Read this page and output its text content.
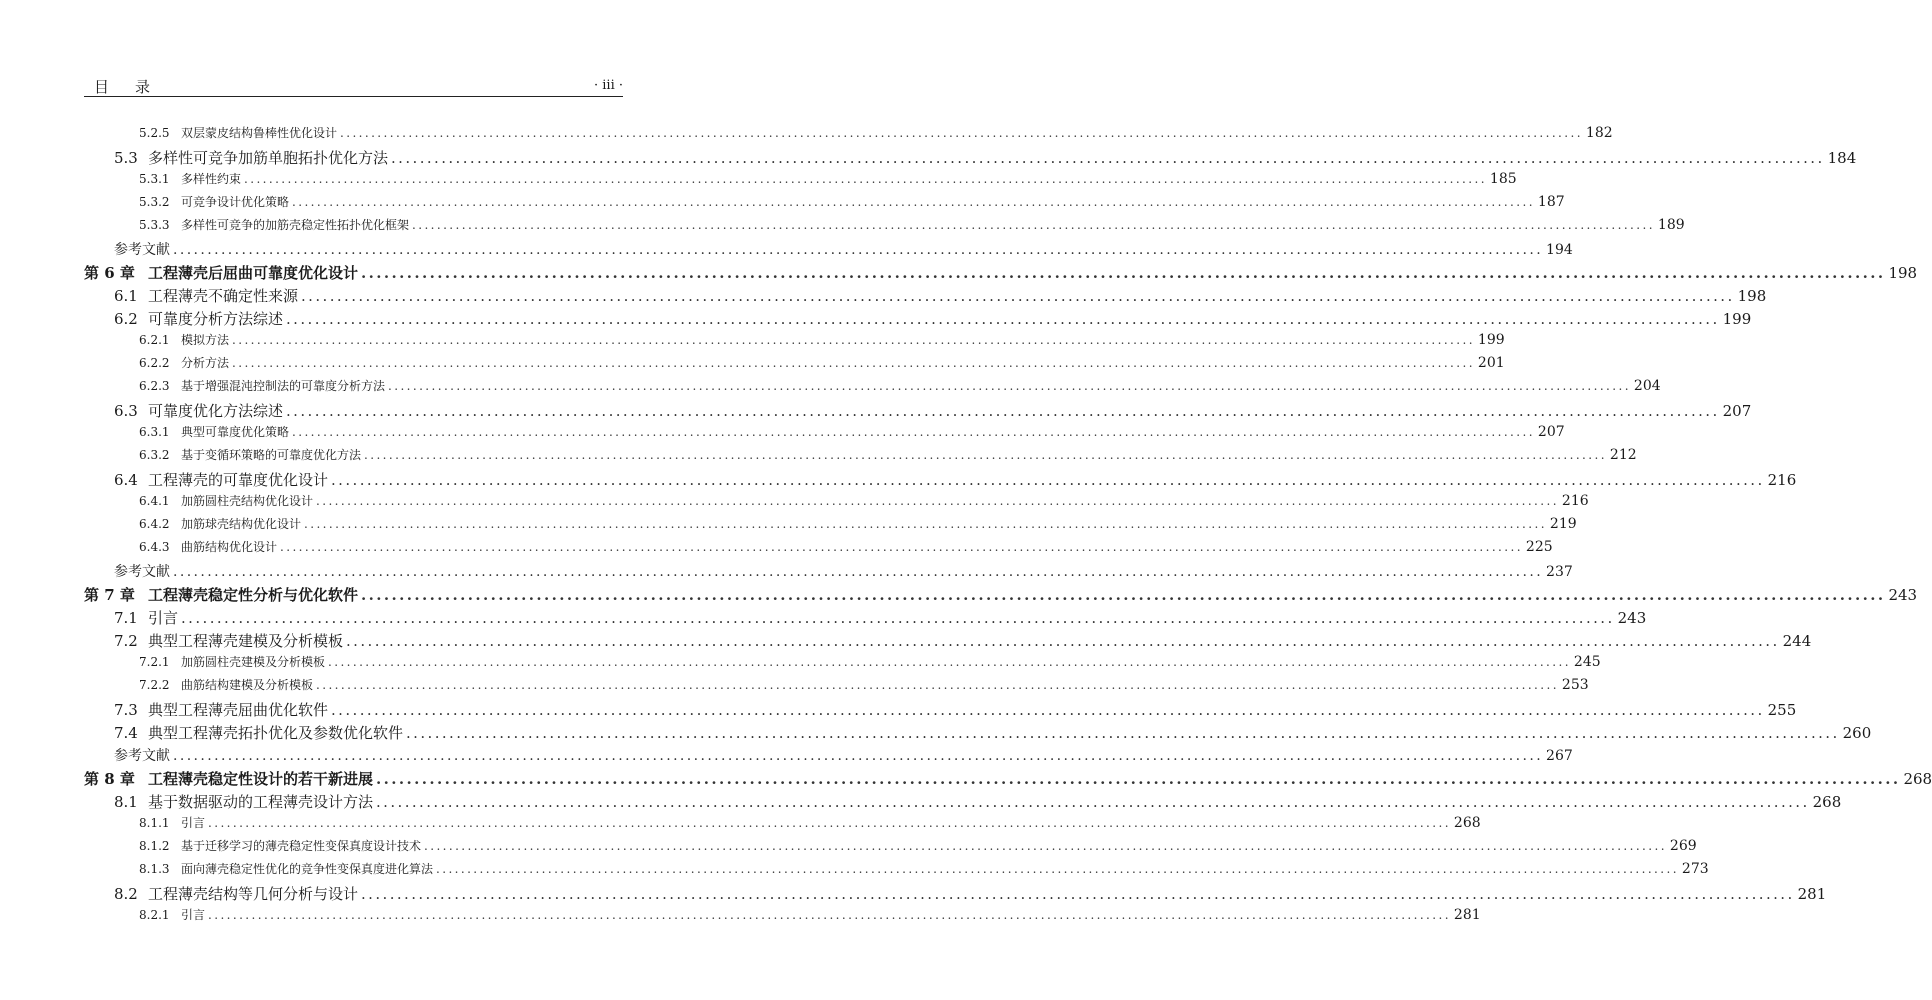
目录	· iii ·
5.2.5 双层蒙皮结构鲁棒性优化设计 ........................................................................................................................................................................................................ 182
5.3 多样性可竞争加筋单胞拓扑优化方法 ........................................................................................................................................................................................................ 184
5.3.1 多样性约束 ........................................................................................................................................................................................................ 185
5.3.2 可竞争设计优化策略 ........................................................................................................................................................................................................ 187
5.3.3 多样性可竞争的加筋壳稳定性拓扑优化框架 ........................................................................................................................................................................................................ 189
参考文献 ........................................................................................................................................................................................................ 194
第 6 章 工程薄壳后屈曲可靠度优化设计 ........................................................................................................................................................................................................ 198
6.1 工程薄壳不确定性来源 ........................................................................................................................................................................................................ 198
6.2 可靠度分析方法综述 ........................................................................................................................................................................................................ 199
6.2.1 模拟方法 ........................................................................................................................................................................................................ 199
6.2.2 分析方法 ........................................................................................................................................................................................................ 201
6.2.3 基于增强混沌控制法的可靠度分析方法 ........................................................................................................................................................................................................ 204
6.3 可靠度优化方法综述 ........................................................................................................................................................................................................ 207
6.3.1 典型可靠度优化策略 ........................................................................................................................................................................................................ 207
6.3.2 基于变循环策略的可靠度优化方法 ........................................................................................................................................................................................................ 212
6.4 工程薄壳的可靠度优化设计 ........................................................................................................................................................................................................ 216
6.4.1 加筋圆柱壳结构优化设计 ........................................................................................................................................................................................................ 216
6.4.2 加筋球壳结构优化设计 ........................................................................................................................................................................................................ 219
6.4.3 曲筋结构优化设计 ........................................................................................................................................................................................................ 225
参考文献 ........................................................................................................................................................................................................ 237
第 7 章 工程薄壳稳定性分析与优化软件 ........................................................................................................................................................................................................ 243
7.1 引言 ........................................................................................................................................................................................................ 243
7.2 典型工程薄壳建模及分析模板 ........................................................................................................................................................................................................ 244
7.2.1 加筋圆柱壳建模及分析模板 ........................................................................................................................................................................................................ 245
7.2.2 曲筋结构建模及分析模板 ........................................................................................................................................................................................................ 253
7.3 典型工程薄壳屈曲优化软件 ........................................................................................................................................................................................................ 255
7.4 典型工程薄壳拓扑优化及参数优化软件 ........................................................................................................................................................................................................ 260
参考文献 ........................................................................................................................................................................................................ 267
第 8 章 工程薄壳稳定性设计的若干新进展 ........................................................................................................................................................................................................ 268
8.1 基于数据驱动的工程薄壳设计方法 ........................................................................................................................................................................................................ 268
8.1.1 引言 ........................................................................................................................................................................................................ 268
8.1.2 基于迁移学习的薄壳稳定性变保真度设计技术 ........................................................................................................................................................................................................ 269
8.1.3 面向薄壳稳定性优化的竞争性变保真度进化算法 ........................................................................................................................................................................................................ 273
8.2 工程薄壳结构等几何分析与设计 ........................................................................................................................................................................................................ 281
8.2.1 引言 ........................................................................................................................................................................................................ 281
